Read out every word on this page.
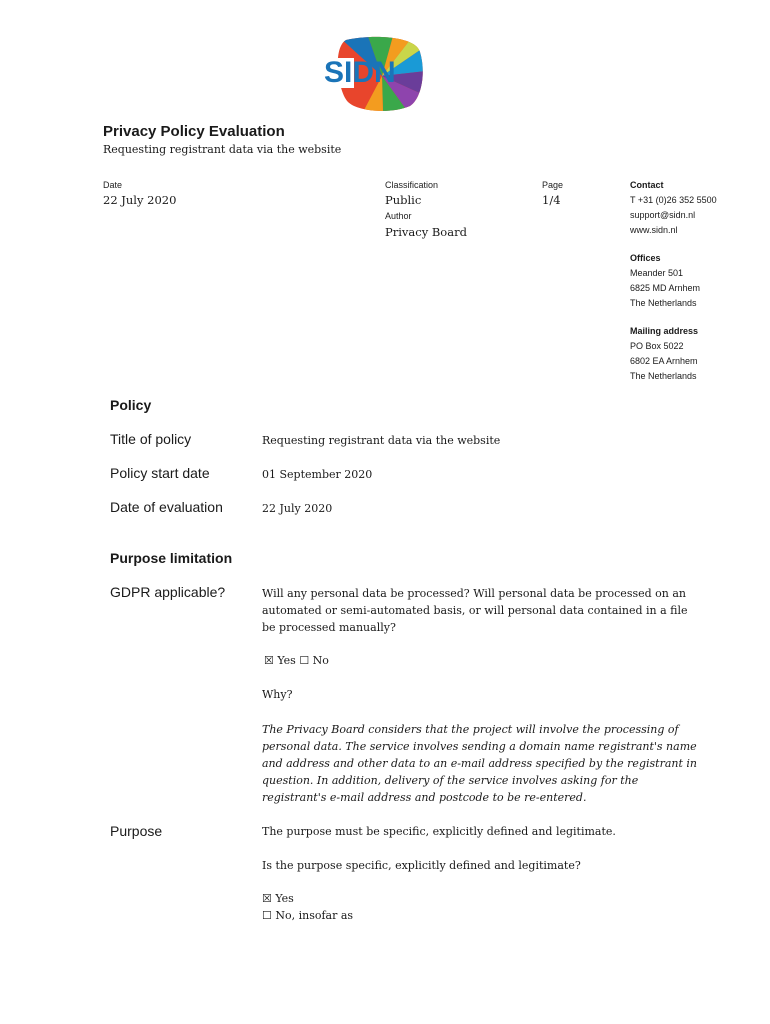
SIDN
Privacy Policy Evaluation
Requesting registrant data via the website
Date
22 July 2020
Classification
Public
Author
Privacy Board
Page
1/4
Contact
T +31 (0)26 352 5500
support@sidn.nl
www.sidn.nl
Offices
Meander 501
6825 MD Arnhem
The Netherlands
Mailing address
PO Box 5022
6802 EA Arnhem
The Netherlands
Policy
Title of policy	Requesting registrant data via the website
Policy start date	01 September 2020
Date of evaluation	22 July 2020
Purpose limitation
GDPR applicable?	Will any personal data be processed? Will personal data be processed on an automated or semi-automated basis, or will personal data contained in a file be processed manually?

☒ Yes ☐ No
Why?

The Privacy Board considers that the project will involve the processing of personal data. The service involves sending a domain name registrant's name and address and other data to an e-mail address specified by the registrant in question. In addition, delivery of the service involves asking for the registrant's e-mail address and postcode to be re-entered.

Purpose	The purpose must be specific, explicitly defined and legitimate.
Is the purpose specific, explicitly defined and legitimate?
☒ Yes
☐ No, insofar as
